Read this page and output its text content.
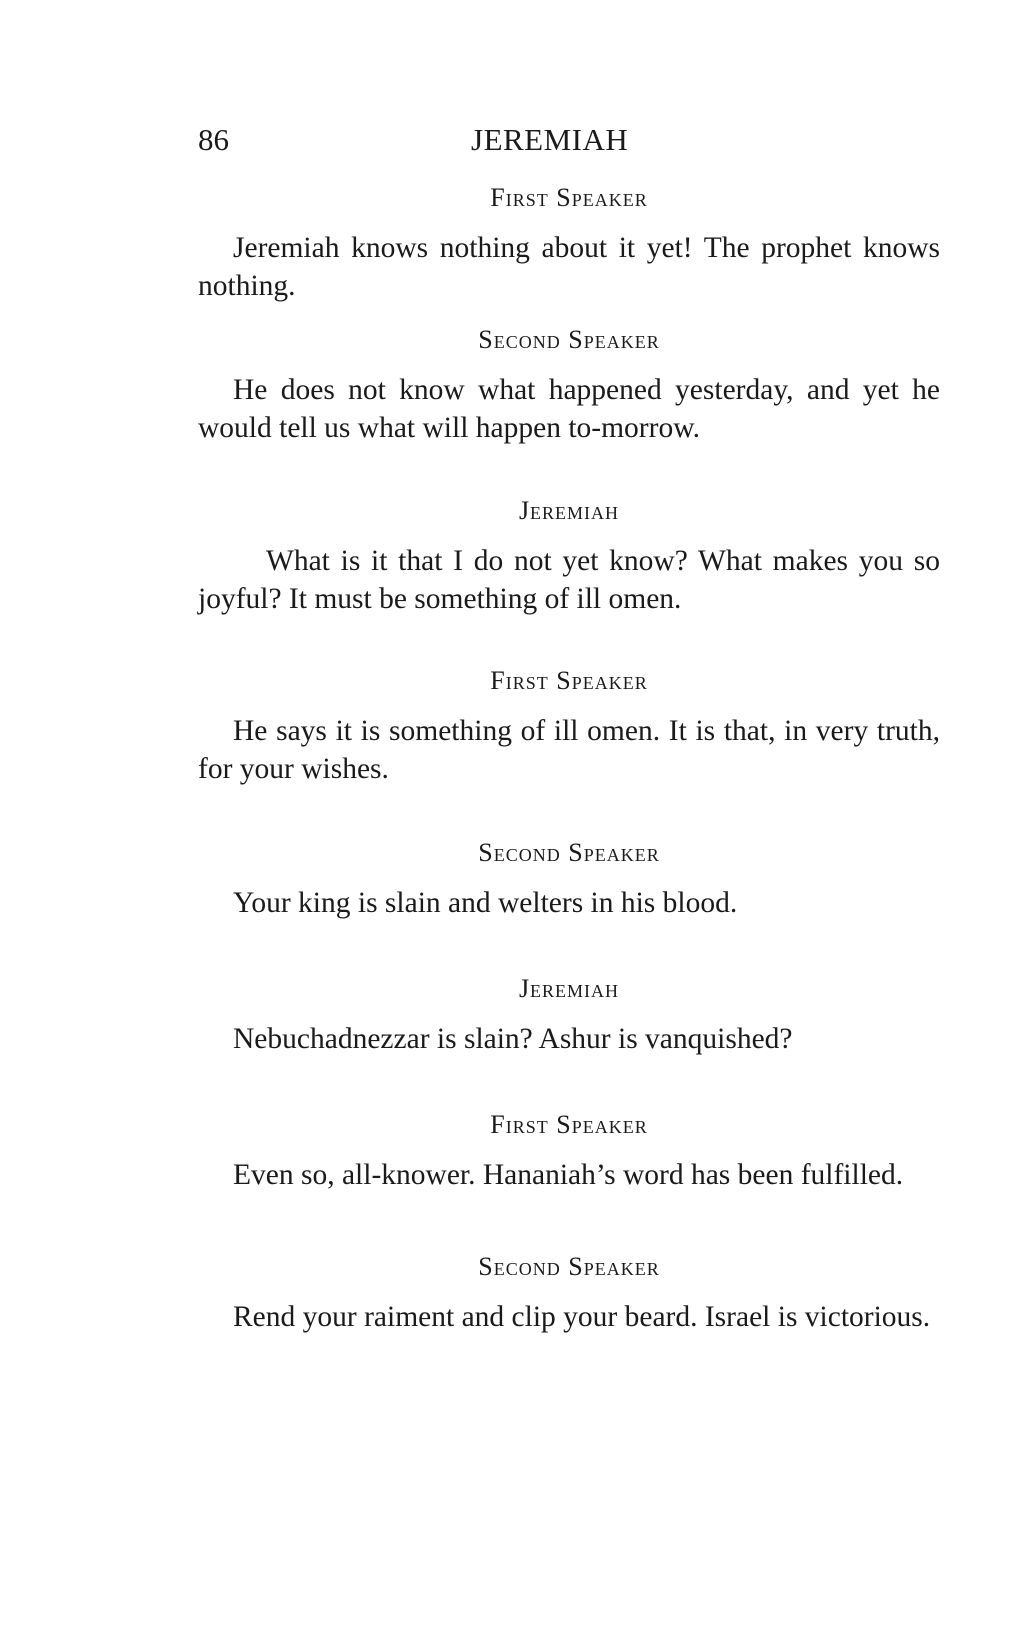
86	JEREMIAH
First Speaker
Jeremiah knows nothing about it yet! The prophet knows nothing.
Second Speaker
He does not know what happened yesterday, and yet he would tell us what will happen to-morrow.
Jeremiah
What is it that I do not yet know? What makes you so joyful? It must be something of ill omen.
First Speaker
He says it is something of ill omen. It is that, in very truth, for your wishes.
Second Speaker
Your king is slain and welters in his blood.
Jeremiah
Nebuchadnezzar is slain? Ashur is vanquished?
First Speaker
Even so, all-knower. Hananiah’s word has been fulfilled.
Second Speaker
Rend your raiment and clip your beard. Israel is victorious.
